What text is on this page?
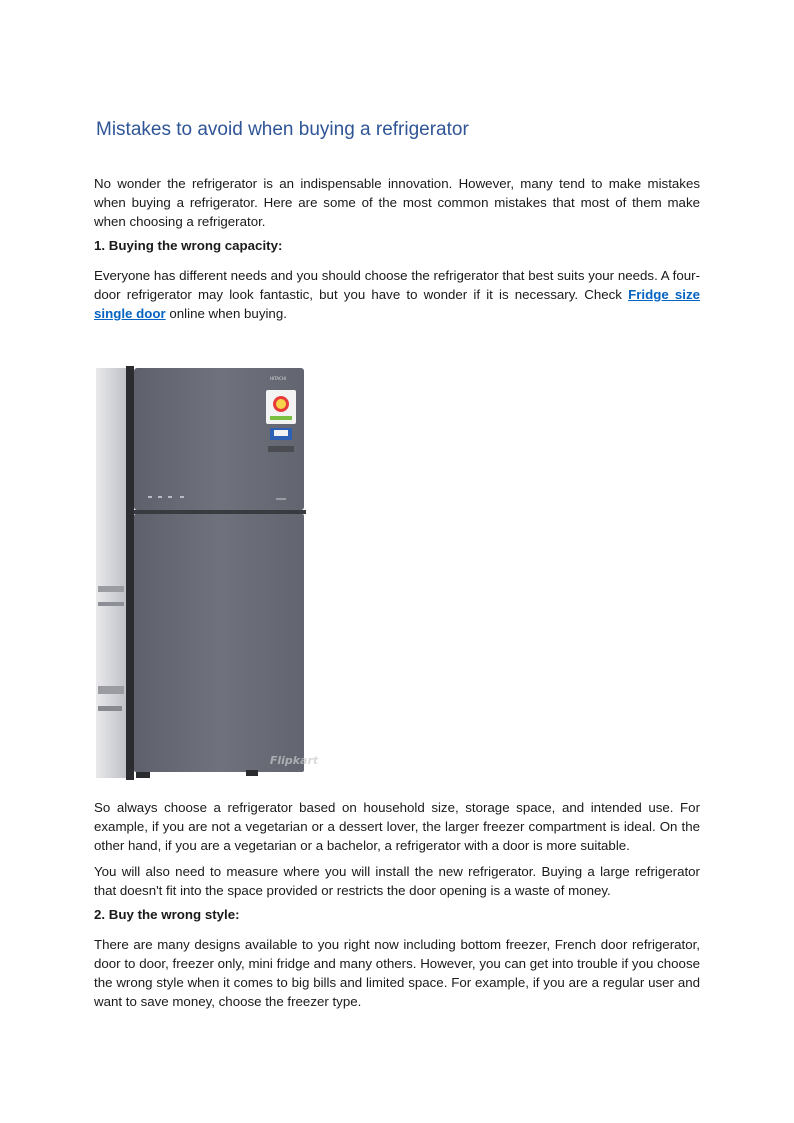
Mistakes to avoid when buying a refrigerator

No wonder the refrigerator is an indispensable innovation. However, many tend to make mistakes when buying a refrigerator. Here are some of the most common mistakes that most of them make when choosing a refrigerator.

1. Buying the wrong capacity:

Everyone has different needs and you should choose the refrigerator that best suits your needs. A four-door refrigerator may look fantastic, but you have to wonder if it is necessary. Check Fridge size single door online when buying.

So always choose a refrigerator based on household size, storage space, and intended use. For example, if you are not a vegetarian or a dessert lover, the larger freezer compartment is ideal. On the other hand, if you are a vegetarian or a bachelor, a refrigerator with a door is more suitable.

You will also need to measure where you will install the new refrigerator. Buying a large refrigerator that doesn't fit into the space provided or restricts the door opening is a waste of money.

2. Buy the wrong style:

There are many designs available to you right now including bottom freezer, French door refrigerator, door to door, freezer only, mini fridge and many others. However, you can get into trouble if you choose the wrong style when it comes to big bills and limited space. For example, if you are a regular user and want to save money, choose the freezer type.

HITACHI
Flipkart
